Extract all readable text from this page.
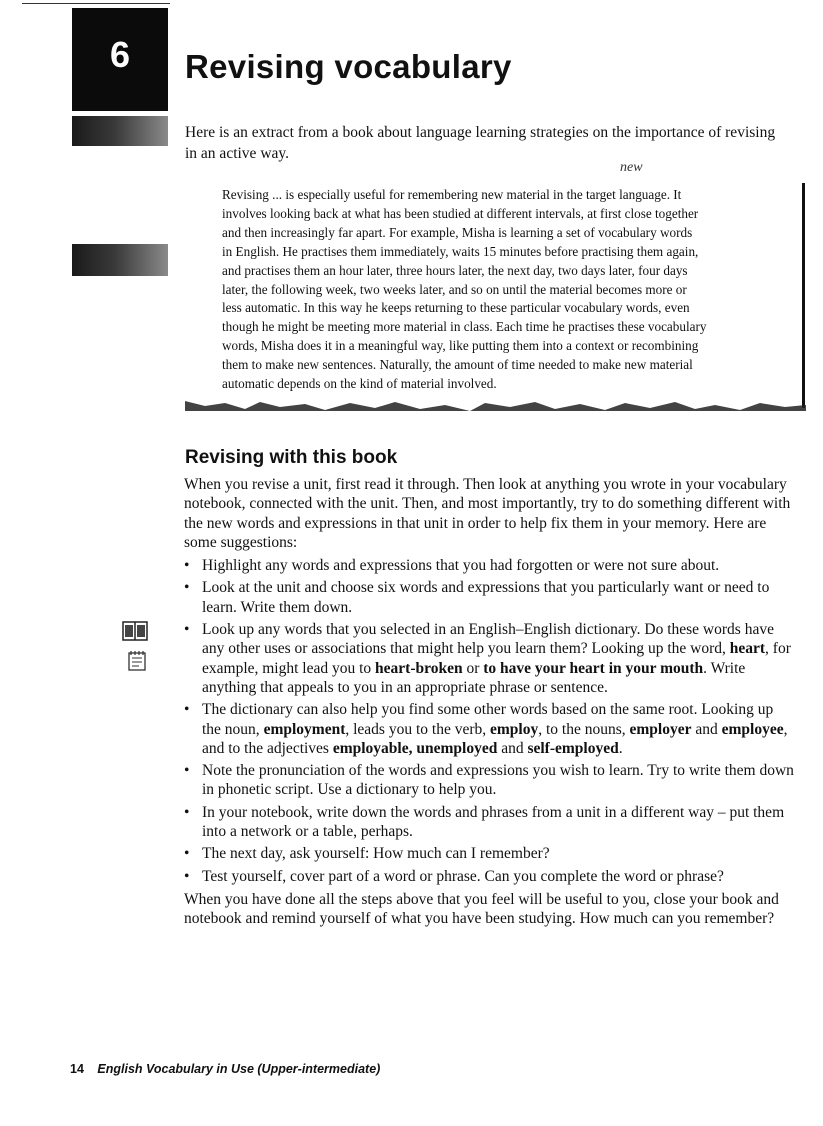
6 Revising vocabulary

Here is an extract from a book about language learning strategies on the importance of revising in an active way.

new
Revising ... is especially useful for remembering new material in the target language. It
involves looking back at what has been studied at different intervals, at first close together
and then increasingly far apart. For example, Misha is learning a set of vocabulary words
in English. He practises them immediately, waits 15 minutes before practising them again,
and practises them an hour later, three hours later, the next day, two days later, four days
later, the following week, two weeks later, and so on until the material becomes more or
less automatic. In this way he keeps returning to these particular vocabulary words, even
though he might be meeting more material in class. Each time he practises these vocabulary
words, Misha does it in a meaningful way, like putting them into a context or recombining
them to make new sentences. Naturally, the amount of time needed to make new material
automatic depends on the kind of material involved.
Revising with this book

When you revise a unit, first read it through. Then look at anything you wrote in your vocabulary notebook, connected with the unit. Then, and most importantly, try to do something different with the new words and expressions in that unit in order to help fix them in your memory. Here are some suggestions:

• Highlight any words and expressions that you had forgotten or were not sure about.
• Look at the unit and choose six words and expressions that you particularly want or need to learn. Write them down.
• Look up any words that you selected in an English–English dictionary. Do these words have any other uses or associations that might help you learn them? Looking up the word, heart, for example, might lead you to heart-broken or to have your heart in your mouth. Write anything that appeals to you in an appropriate phrase or sentence.
• The dictionary can also help you find some other words based on the same root. Looking up the noun, employment, leads you to the verb, employ, to the nouns, employer and employee, and to the adjectives employable, unemployed and self-employed.
• Note the pronunciation of the words and expressions you wish to learn. Try to write them down in phonetic script. Use a dictionary to help you.
• In your notebook, write down the words and phrases from a unit in a different way – put them into a network or a table, perhaps.
• The next day, ask yourself: How much can I remember?
• Test yourself, cover part of a word or phrase. Can you complete the word or phrase?

When you have done all the steps above that you feel will be useful to you, close your book and notebook and remind yourself of what you have been studying. How much can you remember?

14 English Vocabulary in Use (Upper-intermediate)
